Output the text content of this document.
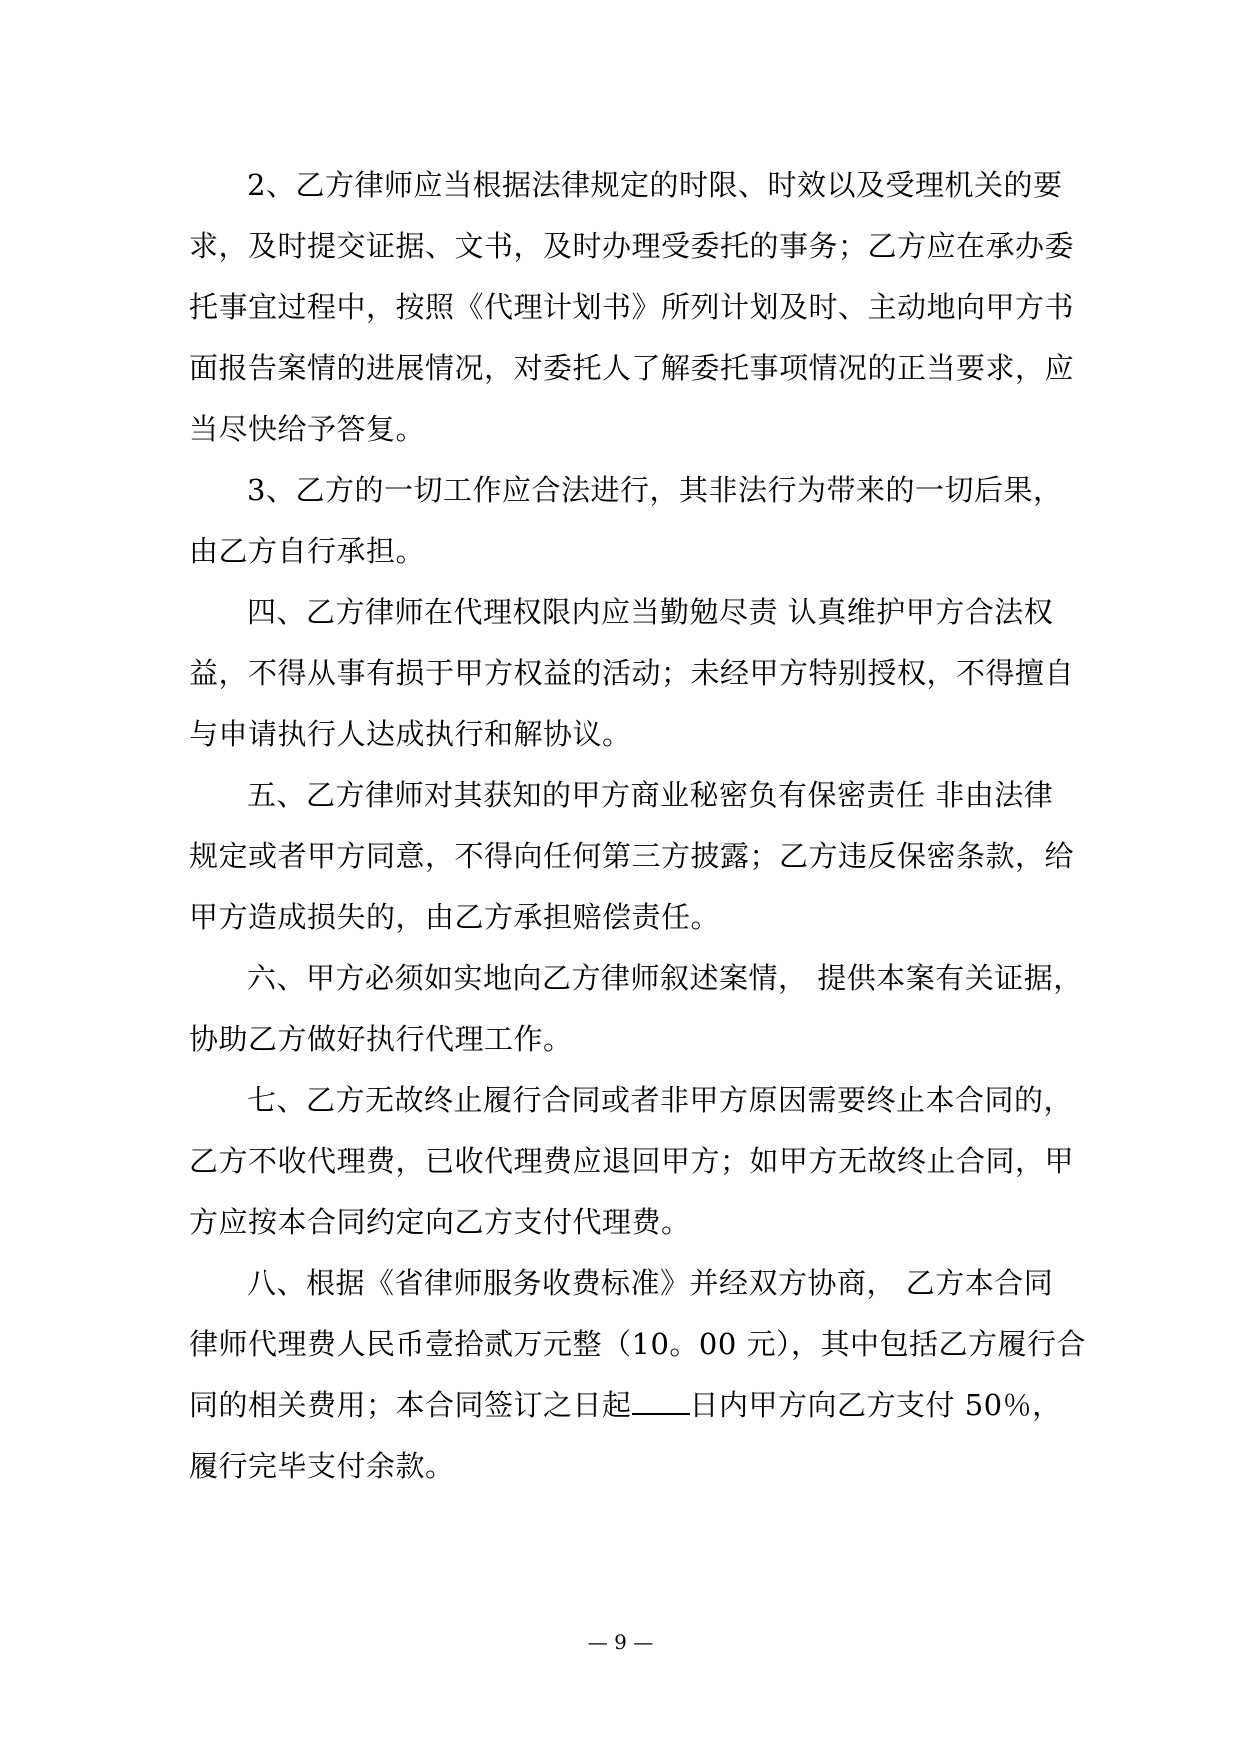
2、乙方律师应当根据法律规定的时限、时效以及受理机关的要
求，及时提交证据、文书，及时办理受委托的事务；乙方应在承办委
托事宜过程中，按照《代理计划书》所列计划及时、主动地向甲方书
面报告案情的进展情况，对委托人了解委托事项情况的正当要求，应
当尽快给予答复。

3、乙方的一切工作应合法进行，其非法行为带来的一切后果，
由乙方自行承担。

四、乙方律师在代理权限内应当勤勉尽责 认真维护甲方合法权
益，不得从事有损于甲方权益的活动；未经甲方特别授权，不得擅自
与申请执行人达成执行和解协议。

五、乙方律师对其获知的甲方商业秘密负有保密责任 非由法律
规定或者甲方同意，不得向任何第三方披露；乙方违反保密条款，给
甲方造成损失的，由乙方承担赔偿责任。

六、甲方必须如实地向乙方律师叙述案情， 提供本案有关证据，
协助乙方做好执行代理工作。

七、乙方无故终止履行合同或者非甲方原因需要终止本合同的，
乙方不收代理费，已收代理费应退回甲方；如甲方无故终止合同，甲
方应按本合同约定向乙方支付代理费。

八、根据《省律师服务收费标准》并经双方协商， 乙方本合同
律师代理费人民币壹拾贰万元整（10。00 元），其中包括乙方履行合
同的相关费用；本合同签订之日起 日内甲方向乙方支付 50％，
履行完毕支付余款。

— 9 —
